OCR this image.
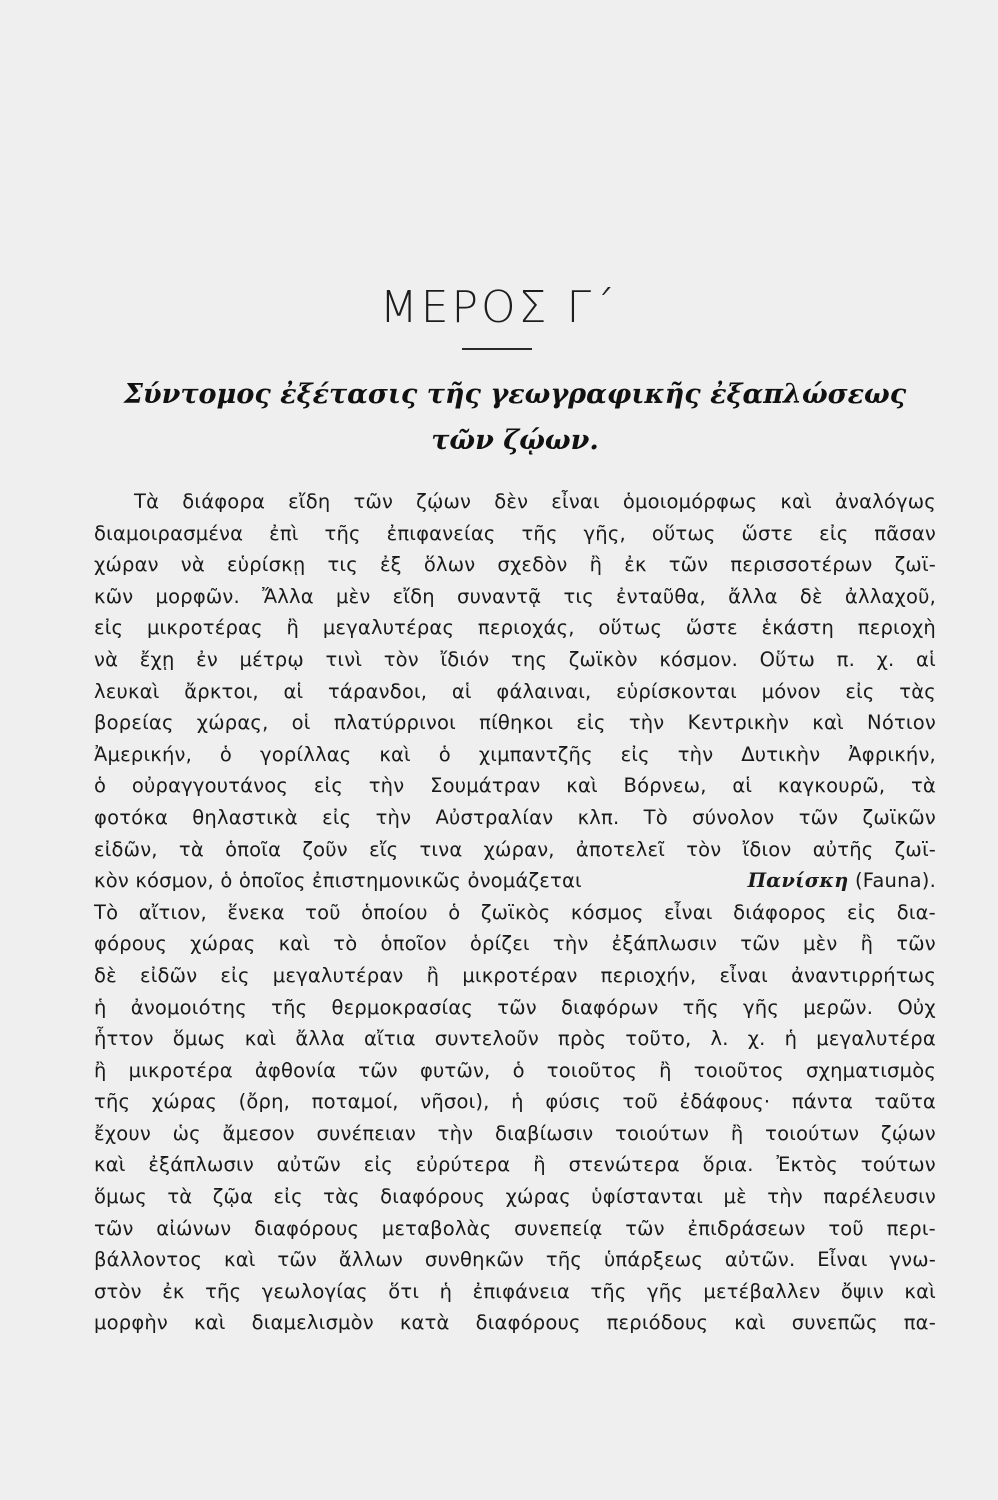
ΜΕΡΟΣ Γ΄
Σύντομος ἐξέτασις τῆς γεωγραφικῆς ἐξαπλώσεως
τῶν ζῴων.
Τὰ διάφορα εἴδη τῶν ζῴων δὲν εἶναι ὁμοιομόρφως καὶ ἀναλόγως
διαμοιρασμένα ἐπὶ τῆς ἐπιφανείας τῆς γῆς, οὕτως ὥστε εἰς πᾶσαν
χώραν νὰ εὑρίσκῃ τις ἐξ ὅλων σχεδὸν ἢ ἐκ τῶν περισσοτέρων ζωϊ-
κῶν μορφῶν. Ἄλλα μὲν εἴδη συναντᾷ τις ἐνταῦθα, ἄλλα δὲ ἀλλαχοῦ,
εἰς μικροτέρας ἢ μεγαλυτέρας περιοχάς, οὕτως ὥστε ἑκάστη περιοχὴ
νὰ ἔχῃ ἐν μέτρῳ τινὶ τὸν ἴδιόν της ζωϊκὸν κόσμον. Οὕτω π. χ. αἱ
λευκαὶ ἄρκτοι, αἱ τάρανδοι, αἱ φάλαιναι, εὑρίσκονται μόνον εἰς τὰς
βορείας χώρας, οἱ πλατύρρινοι πίθηκοι εἰς τὴν Κεντρικὴν καὶ Νότιον
Ἀμερικήν, ὁ γορίλλας καὶ ὁ χιμπαντζῆς εἰς τὴν Δυτικὴν Ἀφρικήν,
ὁ οὐραγγουτάνος εἰς τὴν Σουμάτραν καὶ Βόρνεω, αἱ καγκουρῶ, τὰ
φοτόκα θηλαστικὰ εἰς τὴν Αὐστραλίαν κλπ. Τὸ σύνολον τῶν ζωϊκῶν
εἰδῶν, τὰ ὁποῖα ζοῦν εἴς τινα χώραν, ἀποτελεῖ τὸν ἴδιον αὐτῆς ζωϊ-
κὸν κόσμον, ὁ ὁποῖος ἐπιστημονικῶς ὀνομάζεται	Πανίσκη (Fauna).
Τὸ αἴτιον, ἕνεκα τοῦ ὁποίου ὁ ζωϊκὸς κόσμος εἶναι διάφορος εἰς δια-
φόρους χώρας καὶ τὸ ὁποῖον ὁρίζει τὴν ἐξάπλωσιν τῶν μὲν ἢ τῶν
δὲ εἰδῶν εἰς μεγαλυτέραν ἢ μικροτέραν περιοχήν, εἶναι ἀναντιρρήτως
ἡ ἀνομοιότης τῆς θερμοκρασίας τῶν διαφόρων τῆς γῆς μερῶν. Οὐχ
ἧττον ὅμως καὶ ἄλλα αἴτια συντελοῦν πρὸς τοῦτο, λ. χ. ἡ μεγαλυτέρα
ἢ μικροτέρα ἀφθονία τῶν φυτῶν, ὁ τοιοῦτος ἢ τοιοῦτος σχηματισμὸς
τῆς χώρας (ὄρη, ποταμοί, νῆσοι), ἡ φύσις τοῦ ἐδάφους· πάντα ταῦτα
ἔχουν ὡς ἄμεσον συνέπειαν τὴν διαβίωσιν τοιούτων ἢ τοιούτων ζῴων
καὶ ἐξάπλωσιν αὐτῶν εἰς εὐρύτερα ἢ στενώτερα ὅρια. Ἐκτὸς τούτων
ὅμως τὰ ζῷα εἰς τὰς διαφόρους χώρας ὑφίστανται μὲ τὴν παρέλευσιν
τῶν αἰώνων διαφόρους μεταβολὰς συνεπείᾳ τῶν ἐπιδράσεων τοῦ περι-
βάλλοντος καὶ τῶν ἄλλων συνθηκῶν τῆς ὑπάρξεως αὐτῶν. Εἶναι γνω-
στὸν ἐκ τῆς γεωλογίας ὅτι ἡ ἐπιφάνεια τῆς γῆς μετέβαλλεν ὄψιν καὶ
μορφὴν καὶ διαμελισμὸν κατὰ διαφόρους περιόδους καὶ συνεπῶς πα-
